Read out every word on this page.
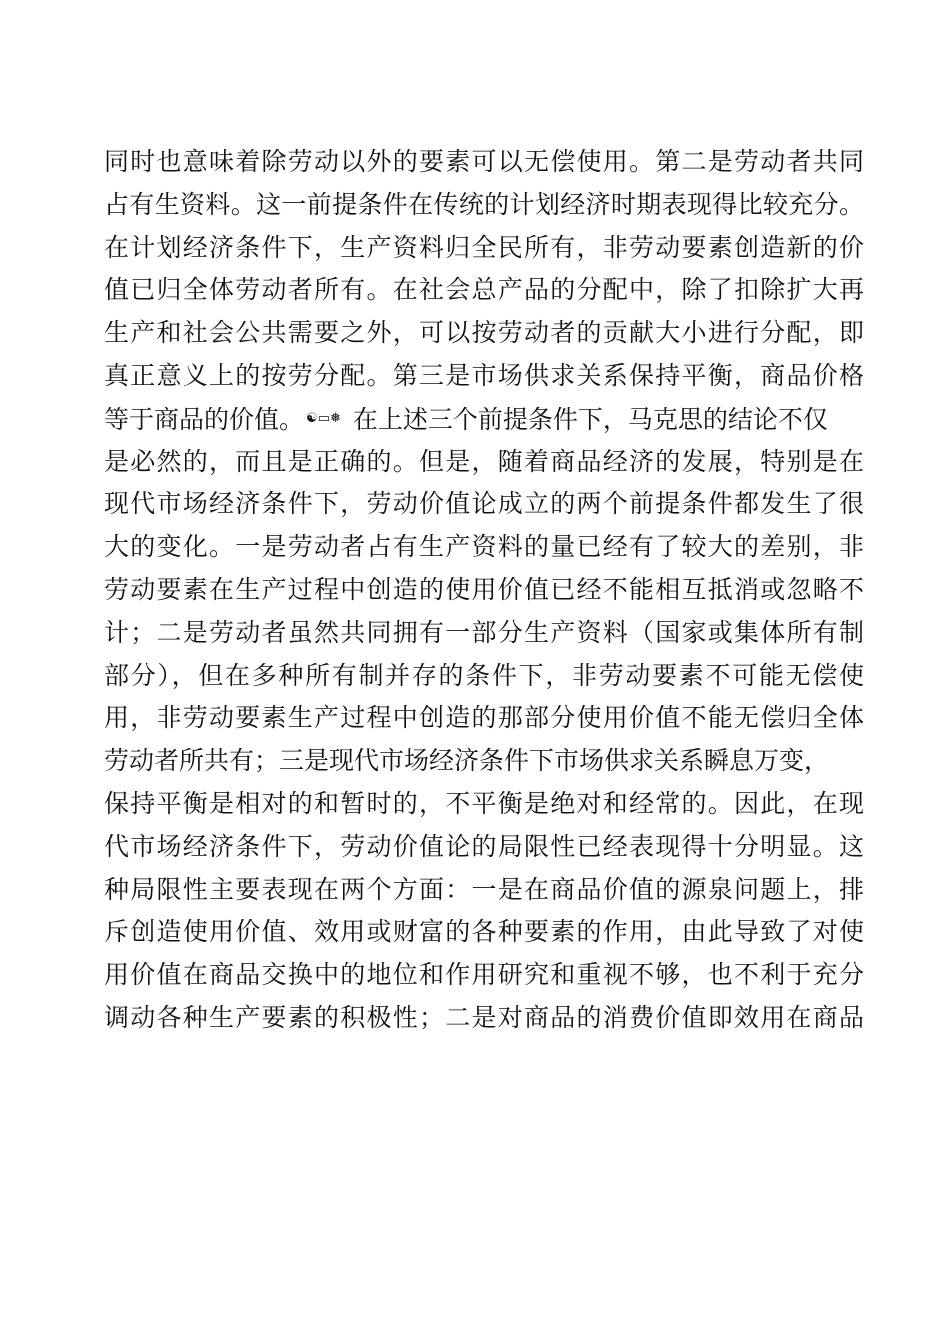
同时也意味着除劳动以外的要素可以无偿使用。第二是劳动者共同
占有生资料。这一前提条件在传统的计划经济时期表现得比较充分。
在计划经济条件下，生产资料归全民所有，非劳动要素创造新的价
值已归全体劳动者所有。在社会总产品的分配中，除了扣除扩大再
生产和社会公共需要之外，可以按劳动者的贡献大小进行分配，即
真正意义上的按劳分配。第三是市场供求关系保持平衡，商品价格
等于商品的价值。 ☯▭❅ 在上述三个前提条件下，马克思的结论不仅
是必然的，而且是正确的。但是，随着商品经济的发展，特别是在
现代市场经济条件下，劳动价值论成立的两个前提条件都发生了很
大的变化。一是劳动者占有生产资料的量已经有了较大的差别，非
劳动要素在生产过程中创造的使用价值已经不能相互抵消或忽略不
计；二是劳动者虽然共同拥有一部分生产资料（国家或集体所有制
部分），但在多种所有制并存的条件下，非劳动要素不可能无偿使
用，非劳动要素生产过程中创造的那部分使用价值不能无偿归全体
劳动者所共有；三是现代市场经济条件下市场供求关系瞬息万变，
保持平衡是相对的和暂时的，不平衡是绝对和经常的。因此，在现
代市场经济条件下，劳动价值论的局限性已经表现得十分明显。这
种局限性主要表现在两个方面：一是在商品价值的源泉问题上，排
斥创造使用价值、效用或财富的各种要素的作用，由此导致了对使
用价值在商品交换中的地位和作用研究和重视不够，也不利于充分
调动各种生产要素的积极性；二是对商品的消费价值即效用在商品
